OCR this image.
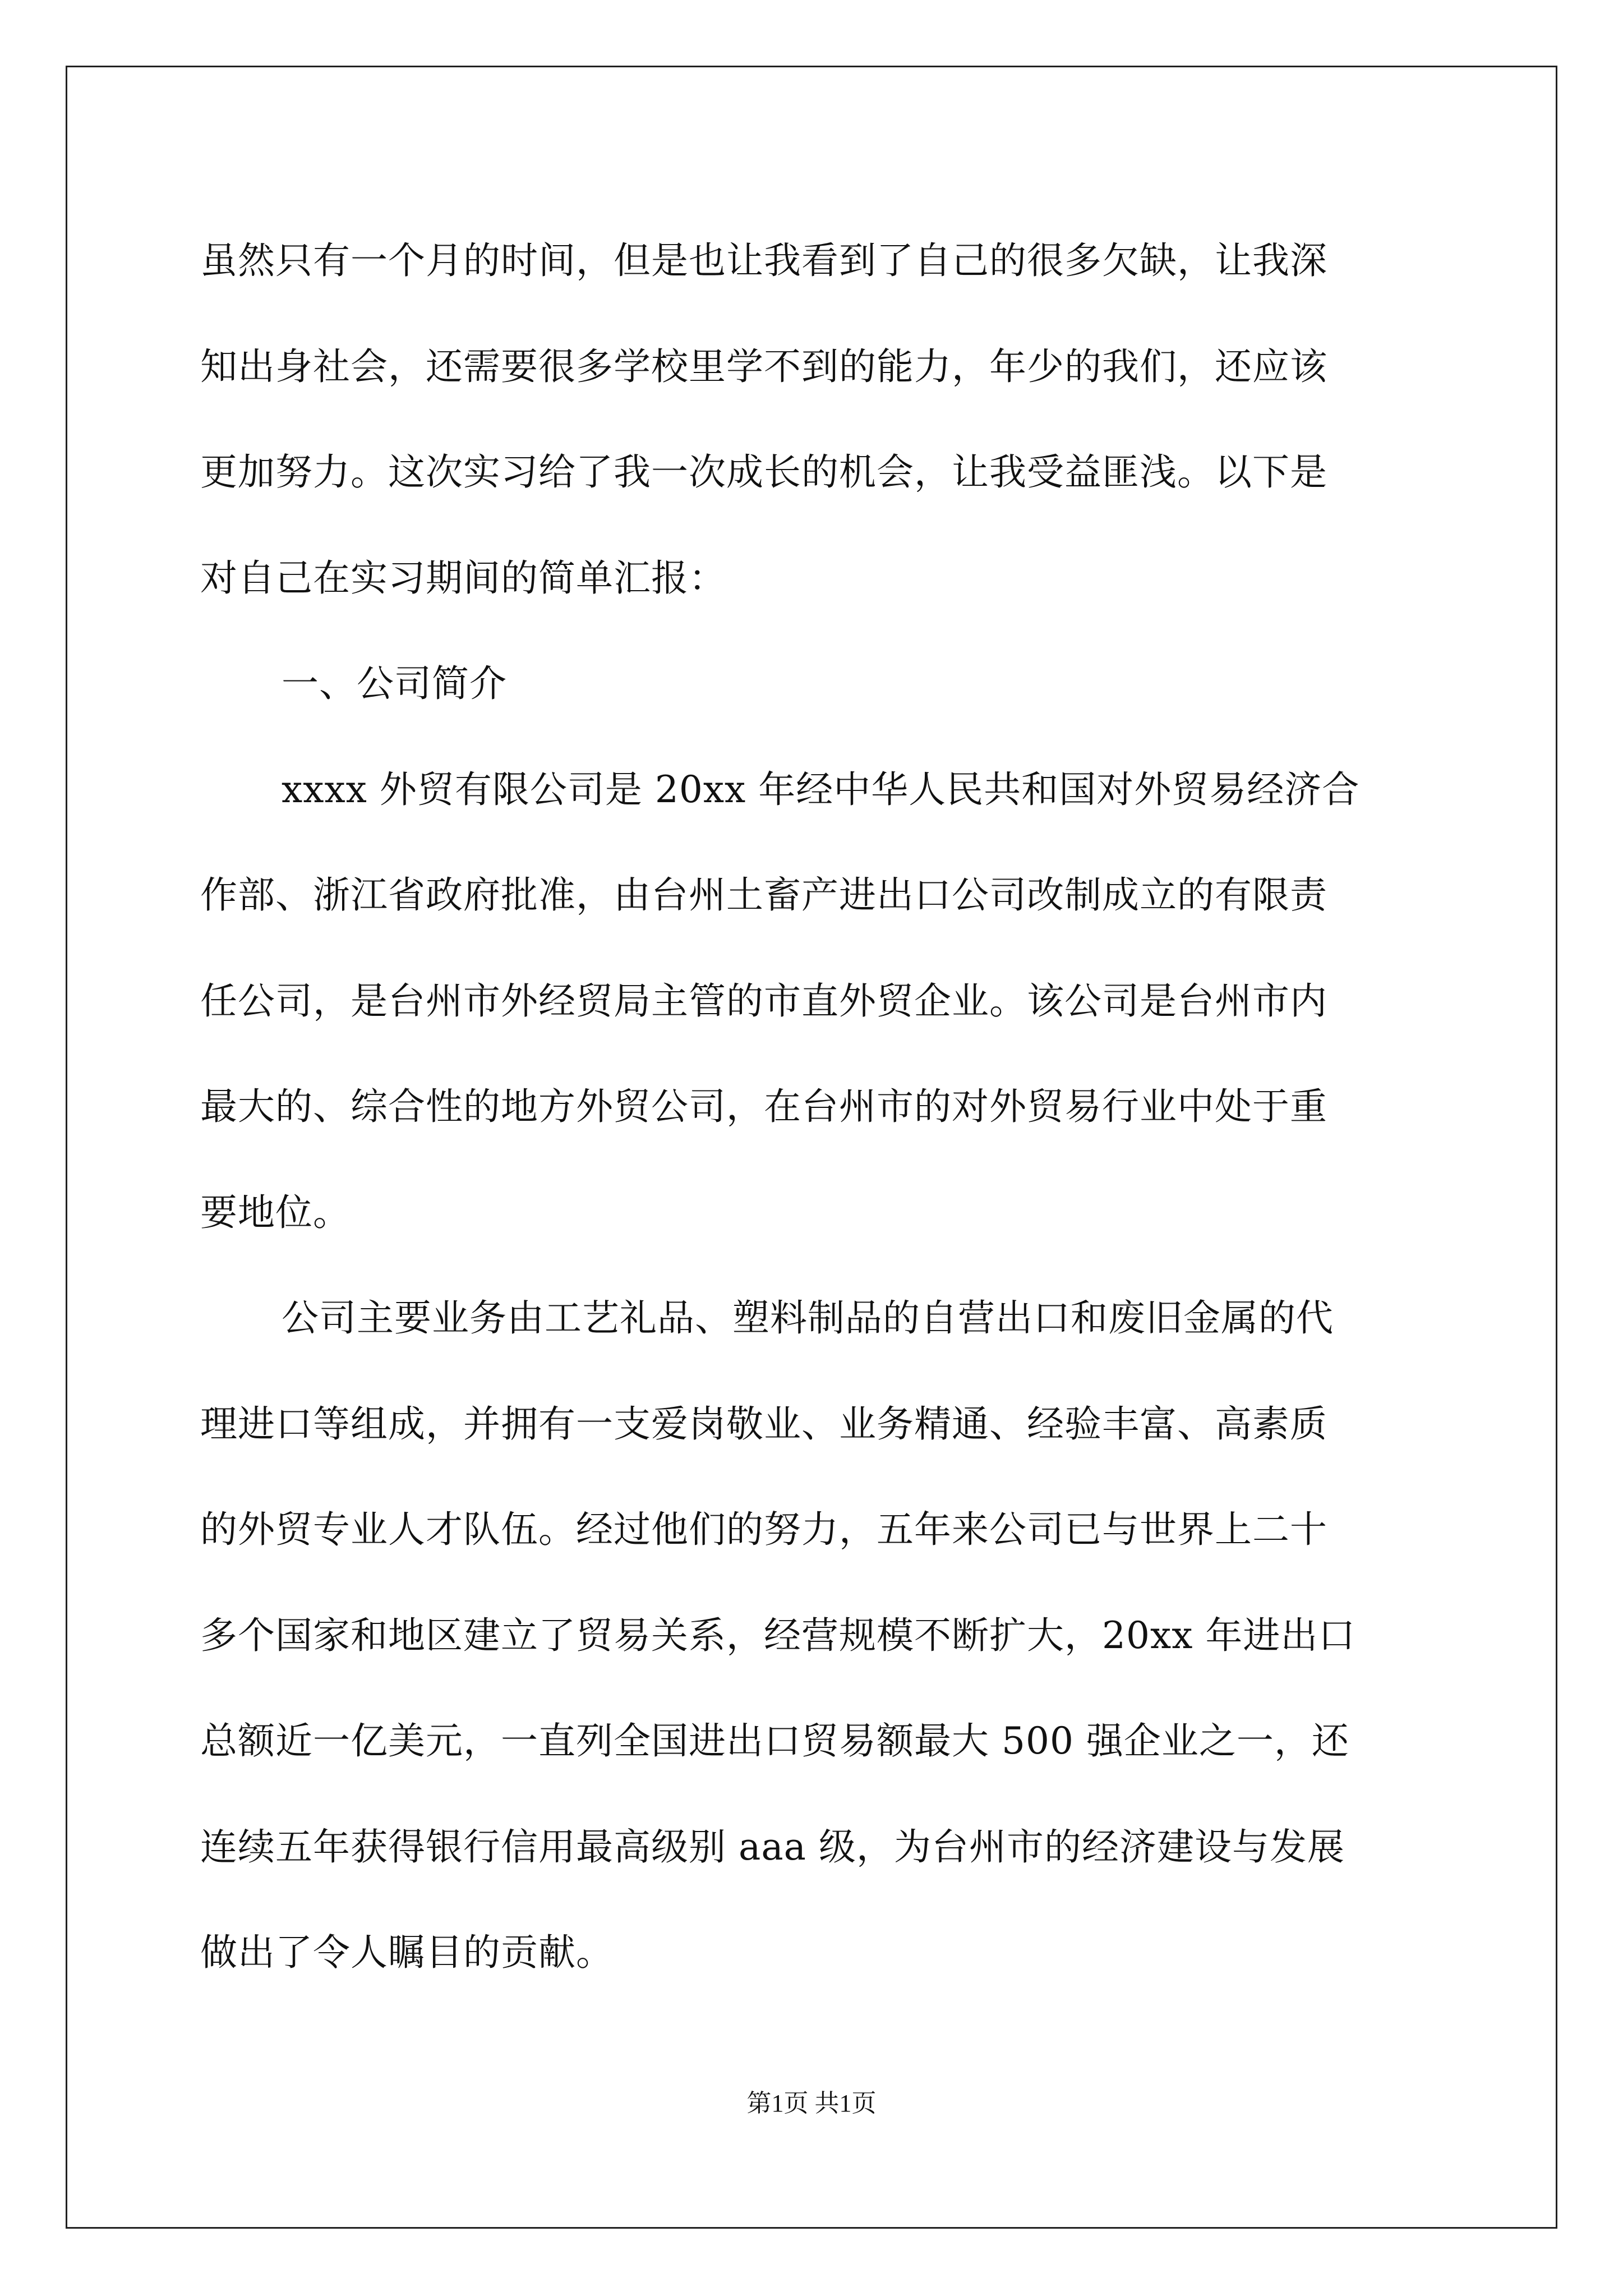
虽然只有一个月的时间，但是也让我看到了自己的很多欠缺，让我深
知出身社会，还需要很多学校里学不到的能力，年少的我们，还应该
更加努力。这次实习给了我一次成长的机会，让我受益匪浅。以下是
对自己在实习期间的简单汇报：
一、公司简介
xxxx 外贸有限公司是 20xx 年经中华人民共和国对外贸易经济合
作部、浙江省政府批准，由台州土畜产进出口公司改制成立的有限责
任公司，是台州市外经贸局主管的市直外贸企业。该公司是台州市内
最大的、综合性的地方外贸公司，在台州市的对外贸易行业中处于重
要地位。
公司主要业务由工艺礼品、塑料制品的自营出口和废旧金属的代
理进口等组成，并拥有一支爱岗敬业、业务精通、经验丰富、高素质
的外贸专业人才队伍。经过他们的努力，五年来公司已与世界上二十
多个国家和地区建立了贸易关系，经营规模不断扩大，20xx 年进出口
总额近一亿美元，一直列全国进出口贸易额最大 500 强企业之一，还
连续五年获得银行信用最高级别 aaa 级，为台州市的经济建设与发展
做出了令人瞩目的贡献。
第1页 共1页
